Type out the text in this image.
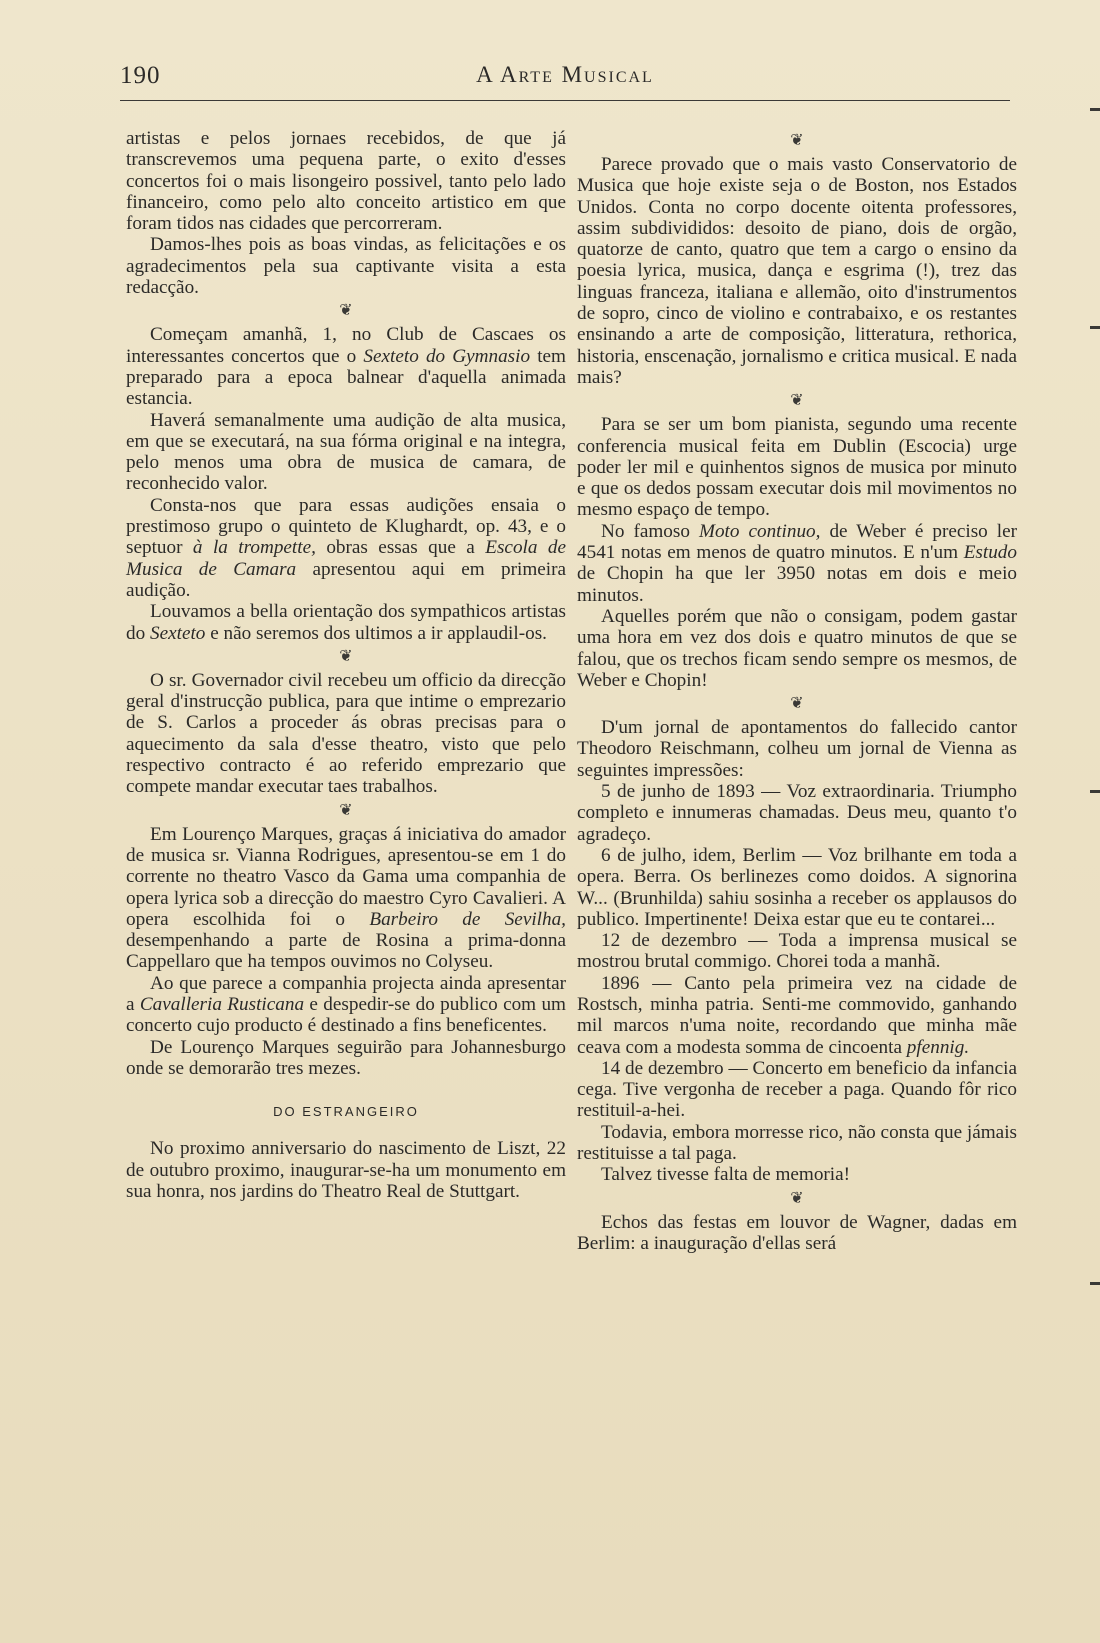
190	A Arte Musical

artistas e pelos jornaes recebidos, de que já transcrevemos uma pequena parte, o exito d'esses concertos foi o mais lisongeiro possivel, tanto pelo lado financeiro, como pelo alto conceito artistico em que foram tidos nas cidades que percorreram.

Damos-lhes pois as boas vindas, as felicitações e os agradecimentos pela sua captivante visita a esta redacção.

❦

Começam amanhã, 1, no Club de Cascaes os interessantes concertos que o Sexteto do Gymnasio tem preparado para a epoca balnear d'aquella animada estancia.

Haverá semanalmente uma audição de alta musica, em que se executará, na sua fórma original e na integra, pelo menos uma obra de musica de camara, de reconhecido valor.

Consta-nos que para essas audições ensaia o prestimoso grupo o quinteto de Klughardt, op. 43, e o septuor à la trompette, obras essas que a Escola de Musica de Camara apresentou aqui em primeira audição.

Louvamos a bella orientação dos sympathicos artistas do Sexteto e não seremos dos ultimos a ir applaudil-os.

❦

O sr. Governador civil recebeu um officio da direcção geral d'instrucção publica, para que intime o emprezario de S. Carlos a proceder ás obras precisas para o aquecimento da sala d'esse theatro, visto que pelo respectivo contracto é ao referido emprezario que compete mandar executar taes trabalhos.

❦

Em Lourenço Marques, graças á iniciativa do amador de musica sr. Vianna Rodrigues, apresentou-se em 1 do corrente no theatro Vasco da Gama uma companhia de opera lyrica sob a direcção do maestro Cyro Cavalieri. A opera escolhida foi o Barbeiro de Sevilha, desempenhando a parte de Rosina a prima-donna Cappellaro que ha tempos ouvimos no Colyseu.

Ao que parece a companhia projecta ainda apresentar a Cavalleria Rusticana e despedir-se do publico com um concerto cujo producto é destinado a fins beneficentes.

De Lourenço Marques seguirão para Johannesburgo onde se demorarão tres mezes.

DO ESTRANGEIRO

No proximo anniversario do nascimento de Liszt, 22 de outubro proximo, inaugurar-se-ha um monumento em sua honra, nos jardins do Theatro Real de Stuttgart.

❦

Parece provado que o mais vasto Conservatorio de Musica que hoje existe seja o de Boston, nos Estados Unidos. Conta no corpo docente oitenta professores, assim subdivididos: desoito de piano, dois de orgão, quatorze de canto, quatro que tem a cargo o ensino da poesia lyrica, musica, dança e esgrima (!), trez das linguas franceza, italiana e allemão, oito d'instrumentos de sopro, cinco de violino e contrabaixo, e os restantes ensinando a arte de composição, litteratura, rethorica, historia, enscenação, jornalismo e critica musical. E nada mais?

❦

Para se ser um bom pianista, segundo uma recente conferencia musical feita em Dublin (Escocia) urge poder ler mil e quinhentos signos de musica por minuto e que os dedos possam executar dois mil movimentos no mesmo espaço de tempo.

No famoso Moto continuo, de Weber é preciso ler 4541 notas em menos de quatro minutos. E n'um Estudo de Chopin ha que ler 3950 notas em dois e meio minutos.

Aquelles porém que não o consigam, podem gastar uma hora em vez dos dois e quatro minutos de que se falou, que os trechos ficam sendo sempre os mesmos, de Weber e Chopin!

❦

D'um jornal de apontamentos do fallecido cantor Theodoro Reischmann, colheu um jornal de Vienna as seguintes impressões:

5 de junho de 1893 — Voz extraordinaria. Triumpho completo e innumeras chamadas. Deus meu, quanto t'o agradeço.

6 de julho, idem, Berlim — Voz brilhante em toda a opera. Berra. Os berlinezes como doidos. A signorina W... (Brunhilda) sahiu sosinha a receber os applausos do publico. Impertinente! Deixa estar que eu te contarei...

12 de dezembro — Toda a imprensa musical se mostrou brutal commigo. Chorei toda a manhã.

1896 — Canto pela primeira vez na cidade de Rostsch, minha patria. Senti-me commovido, ganhando mil marcos n'uma noite, recordando que minha mãe ceava com a modesta somma de cincoenta pfennig.

14 de dezembro — Concerto em beneficio da infancia cega. Tive vergonha de receber a paga. Quando fôr rico restituil-a-hei.

Todavia, embora morresse rico, não consta que jámais restituisse a tal paga.

Talvez tivesse falta de memoria!

❦

Echos das festas em louvor de Wagner, dadas em Berlim: a inauguração d'ellas será
